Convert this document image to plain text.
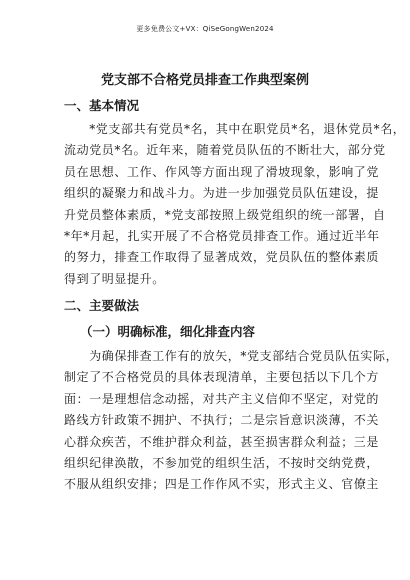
更多免费公文+VX：QiSeGongWen2024
党支部不合格党员排查工作典型案例
一、基本情况
　　*党支部共有党员*名，其中在职党员*名，退休党员*名，
流动党员*名。近年来，随着党员队伍的不断壮大，部分党
员在思想、工作、作风等方面出现了滑坡现象，影响了党
组织的凝聚力和战斗力。为进一步加强党员队伍建设，提
升党员整体素质，*党支部按照上级党组织的统一部署，自
*年*月起，扎实开展了不合格党员排查工作。通过近半年
的努力，排查工作取得了显著成效，党员队伍的整体素质
得到了明显提升。
二、主要做法
（一）明确标准，细化排查内容
　　为确保排查工作有的放矢，*党支部结合党员队伍实际，
制定了不合格党员的具体表现清单，主要包括以下几个方
面：一是理想信念动摇，对共产主义信仰不坚定，对党的
路线方针政策不拥护、不执行；二是宗旨意识淡薄，不关
心群众疾苦，不维护群众利益，甚至损害群众利益；三是
组织纪律涣散，不参加党的组织生活，不按时交纳党费，
不服从组织安排；四是工作作风不实，形式主义、官僚主
